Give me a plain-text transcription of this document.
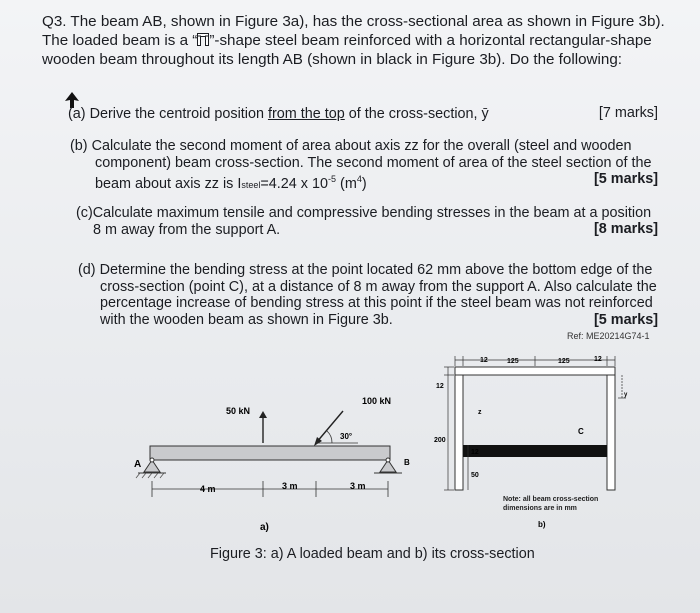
Q3. The beam AB, shown in Figure 3a), has the cross-sectional area as shown in Figure 3b).
The loaded beam is a “ ”-shape steel beam reinforced with a horizontal rectangular-shape
wooden beam throughout its length AB (shown in black in Figure 3b). Do the following:
(a) Derive the centroid position from the top of the cross-section, ȳ	[7 marks]
(b) Calculate the second moment of area about axis zz for the overall (steel and wooden
component) beam cross-section. The second moment of area of the steel section of the
beam about axis zz is Isteel=4.24 x $10^{-5}$ $(m^4)$	[5 marks]
(c)Calculate maximum tensile and compressive bending stresses in the beam at a position
8 m away from the support A.	[8 marks]
(d) Determine the bending stress at the point located 62 mm above the bottom edge of the
cross-section (point C), at a distance of 8 m away from the support A. Also calculate the
percentage increase of bending stress at this point if the steel beam was not reinforced
with the wooden beam as shown in Figure 3b.	[5 marks]
Ref: ME20214G74-1
A	B
50 kN
100 kN
30°
4 m	3 m	3 m
a)
12	125	125	12
12
200
12
50
z
C
y
b)
Note: all beam cross-section
dimensions are in mm
Figure 3: a) A loaded beam and b) its cross-section
